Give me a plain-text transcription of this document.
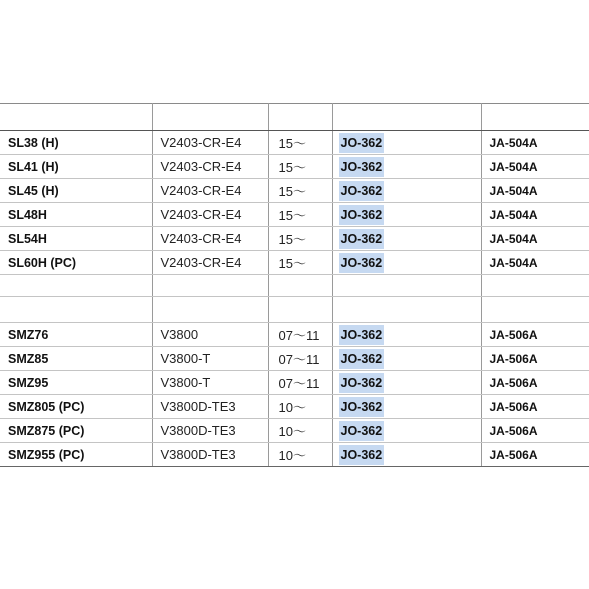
SL38 (H)	V2403-CR-E4	15～	JO-362	JA-504A
SL41 (H)	V2403-CR-E4	15～	JO-362	JA-504A
SL45 (H)	V2403-CR-E4	15～	JO-362	JA-504A
SL48H	V2403-CR-E4	15～	JO-362	JA-504A
SL54H	V2403-CR-E4	15～	JO-362	JA-504A
SL60H (PC)	V2403-CR-E4	15～	JO-362	JA-504A

SMZ76	V3800	07～11	JO-362	JA-506A
SMZ85	V3800-T	07～11	JO-362	JA-506A
SMZ95	V3800-T	07～11	JO-362	JA-506A
SMZ805 (PC)	V3800D-TE3	10～	JO-362	JA-506A
SMZ875 (PC)	V3800D-TE3	10～	JO-362	JA-506A
SMZ955 (PC)	V3800D-TE3	10～	JO-362	JA-506A
